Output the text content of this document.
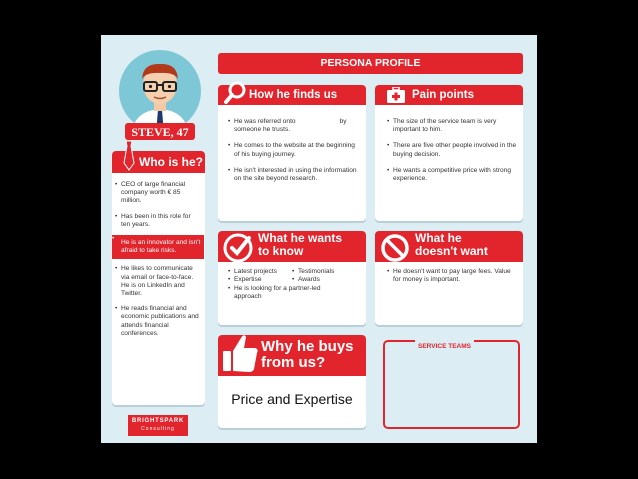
STEVE, 47
Who is he?
• CEO of large financial company worth € 85 million.
• Has been in this role for ten years.
• He is an innovator and isn't afraid to take risks.
• He likes to communicate via email or face-to-face. He is on LinkedIn and Twitter.
• He reads financial and economic publications and attends financial conferences.
BRIGHTSPARK
Consulting
PERSONA PROFILE
How he finds us
• He was referred onto                        by someone he trusts.
• He comes to the website at the beginning of his buying journey.
• He isn't interested in using the information on the site beyond research.
Pain points
• The size of the service team is very important to him.
• There are five other people involved in the buying decision.
• He wants a competitive price with strong experience.
What he wants
to know
• Latest projects
• Expertise
• Testimonials
• Awards
• He is looking for a partner-led approach
What he
doesn't want
• He doesn't want to pay large fees. Value for money is important.
Why he buys
from us?
Price and Expertise
SERVICE TEAMS
